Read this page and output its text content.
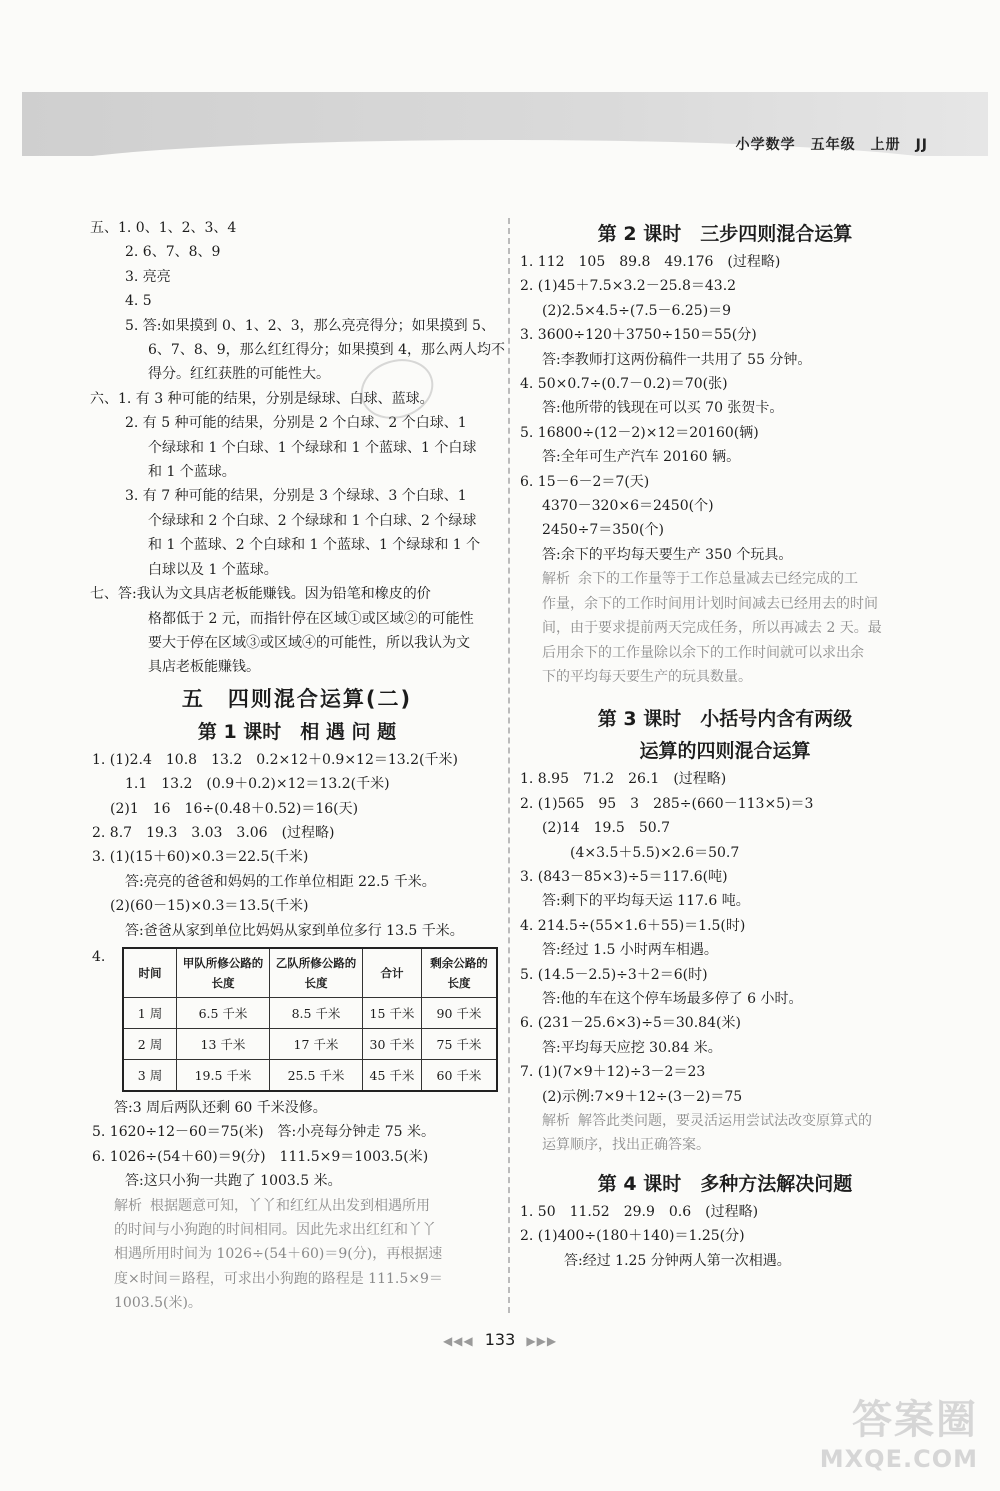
小学数学　五年级　上册　JJ
五、1. 0、1、2、3、4
2. 6、7、8、9
3. 亮亮
4. 5
5. 答:如果摸到 0、1、2、3，那么亮亮得分；如果摸到 5、
6、7、8、9，那么红红得分；如果摸到 4，那么两人均不
得分。红红获胜的可能性大。
六、1. 有 3 种可能的结果，分别是绿球、白球、蓝球。
2. 有 5 种可能的结果，分别是 2 个白球、2 个白球、1
个绿球和 1 个白球、1 个绿球和 1 个蓝球、1 个白球
和 1 个蓝球。
3. 有 7 种可能的结果，分别是 3 个绿球、3 个白球、1
个绿球和 2 个白球、2 个绿球和 1 个白球、2 个绿球
和 1 个蓝球、2 个白球和 1 个蓝球、1 个绿球和 1 个
白球以及 1 个蓝球。
七、答:我认为文具店老板能赚钱。因为铅笔和橡皮的价
格都低于 2 元，而指针停在区域①或区域②的可能性
要大于停在区域③或区域④的可能性，所以我认为文
具店老板能赚钱。
五　四则混合运算(二)
第 1 课时　相 遇 问 题
1. (1)2.4　10.8　13.2　0.2×12＋0.9×12＝13.2(千米)
1.1　13.2　(0.9＋0.2)×12＝13.2(千米)
(2)1　16　16÷(0.48＋0.52)＝16(天)
2. 8.7　19.3　3.03　3.06　(过程略)
3. (1)(15＋60)×0.3＝22.5(千米)
答:亮亮的爸爸和妈妈的工作单位相距 22.5 千米。
(2)(60－15)×0.3＝13.5(千米)
答:爸爸从家到单位比妈妈从家到单位多行 13.5 千米。
4.
时间	甲队所修公路的长度	乙队所修公路的长度	合计	剩余公路的长度
1 周	6.5 千米	8.5 千米	15 千米	90 千米
2 周	13 千米	17 千米	30 千米	75 千米
3 周	19.5 千米	25.5 千米	45 千米	60 千米
答:3 周后两队还剩 60 千米没修。
5. 1620÷12－60＝75(米)　答:小亮每分钟走 75 米。
6. 1026÷(54＋60)＝9(分)　111.5×9＝1003.5(米)
答:这只小狗一共跑了 1003.5 米。
解析 根据题意可知，丫丫和红红从出发到相遇所用
的时间与小狗跑的时间相同。因此先求出红红和丫丫
相遇所用时间为 1026÷(54＋60)＝9(分)，再根据速
度×时间＝路程，可求出小狗跑的路程是 111.5×9＝
1003.5(米)。
第 2 课时　三步四则混合运算
1. 112　105　89.8　49.176　(过程略)
2. (1)45＋7.5×3.2－25.8＝43.2
(2)2.5×4.5÷(7.5－6.25)＝9
3. 3600÷120＋3750÷150＝55(分)
答:李教师打这两份稿件一共用了 55 分钟。
4. 50×0.7÷(0.7－0.2)＝70(张)
答:他所带的钱现在可以买 70 张贺卡。
5. 16800÷(12－2)×12＝20160(辆)
答:全年可生产汽车 20160 辆。
6. 15－6－2＝7(天)
4370－320×6＝2450(个)
2450÷7＝350(个)
答:余下的平均每天要生产 350 个玩具。
解析 余下的工作量等于工作总量减去已经完成的工
作量，余下的工作时间用计划时间减去已经用去的时间
间，由于要求提前两天完成任务，所以再减去 2 天。最
后用余下的工作量除以余下的工作时间就可以求出余
下的平均每天要生产的玩具数量。
第 3 课时　小括号内含有两级
运算的四则混合运算
1. 8.95　71.2　26.1　(过程略)
2. (1)565　95　3　285÷(660－113×5)＝3
(2)14　19.5　50.7
(4×3.5＋5.5)×2.6＝50.7
3. (843－85×3)÷5＝117.6(吨)
答:剩下的平均每天运 117.6 吨。
4. 214.5÷(55×1.6＋55)＝1.5(时)
答:经过 1.5 小时两车相遇。
5. (14.5－2.5)÷3＋2＝6(时)
答:他的车在这个停车场最多停了 6 小时。
6. (231－25.6×3)÷5＝30.84(米)
答:平均每天应挖 30.84 米。
7. (1)(7×9＋12)÷3－2＝23
(2)示例:7×9＋12÷(3－2)＝75
解析 解答此类问题，要灵活运用尝试法改变原算式的
运算顺序，找出正确答案。
第 4 课时　多种方法解决问题
1. 50　11.52　29.9　0.6　(过程略)
2. (1)400÷(180＋140)＝1.25(分)
答:经过 1.25 分钟两人第一次相遇。
◀◀◀ 133 ▶▶▶
答案圈
MXQE.COM
